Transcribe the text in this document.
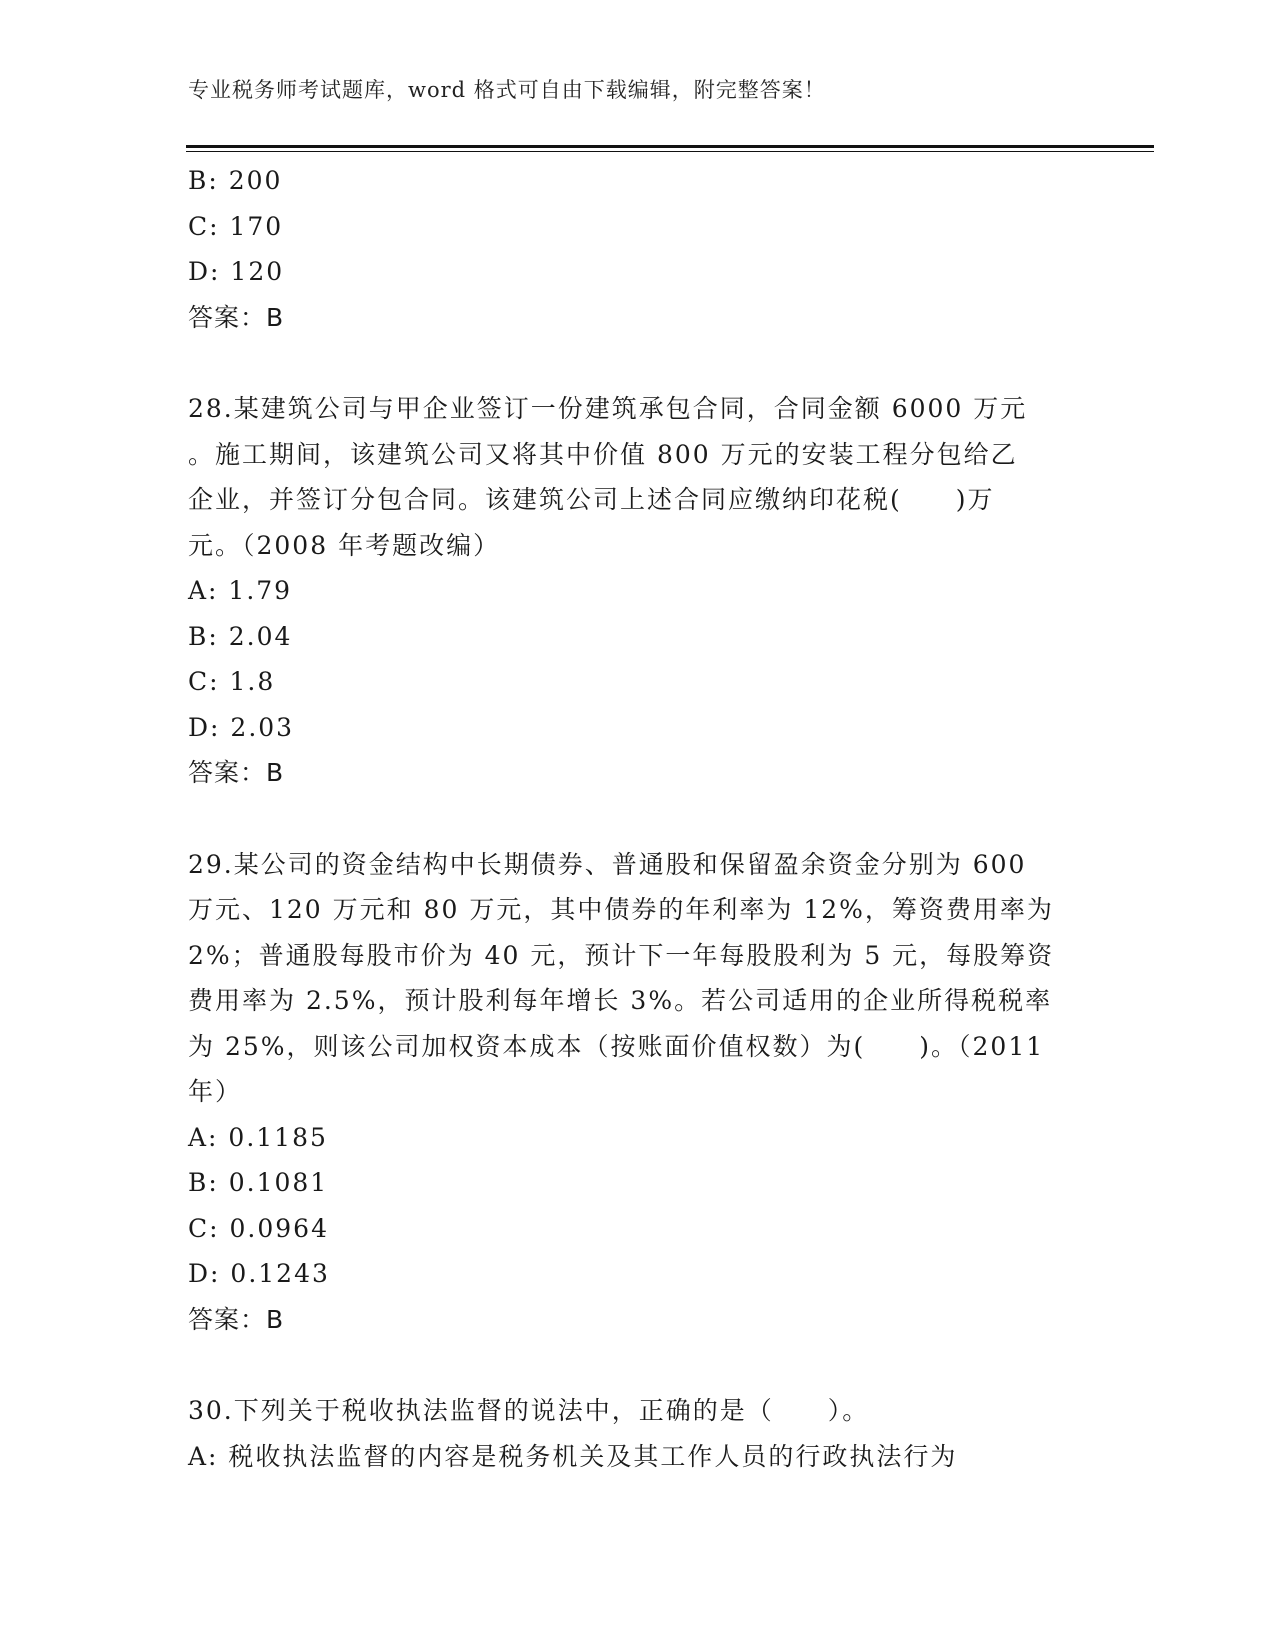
专业税务师考试题库，word 格式可自由下载编辑，附完整答案！
B: 200
C: 170
D: 120
答案：B
28.某建筑公司与甲企业签订一份建筑承包合同，合同金额 6000 万元
。施工期间，该建筑公司又将其中价值 800 万元的安装工程分包给乙
企业，并签订分包合同。该建筑公司上述合同应缴纳印花税(　　)万
元。（2008 年考题改编）
A: 1.79
B: 2.04
C: 1.8
D: 2.03
答案：B
29.某公司的资金结构中长期债券、普通股和保留盈余资金分别为 600
万元、120 万元和 80 万元，其中债券的年利率为 12%，筹资费用率为
2%；普通股每股市价为 40 元，预计下一年每股股利为 5 元，每股筹资
费用率为 2.5%，预计股利每年增长 3%。若公司适用的企业所得税税率
为 25%，则该公司加权资本成本（按账面价值权数）为(　　)。（2011
年）
A: 0.1185
B: 0.1081
C: 0.0964
D: 0.1243
答案：B
30.下列关于税收执法监督的说法中，正确的是（　　）。
A: 税收执法监督的内容是税务机关及其工作人员的行政执法行为
